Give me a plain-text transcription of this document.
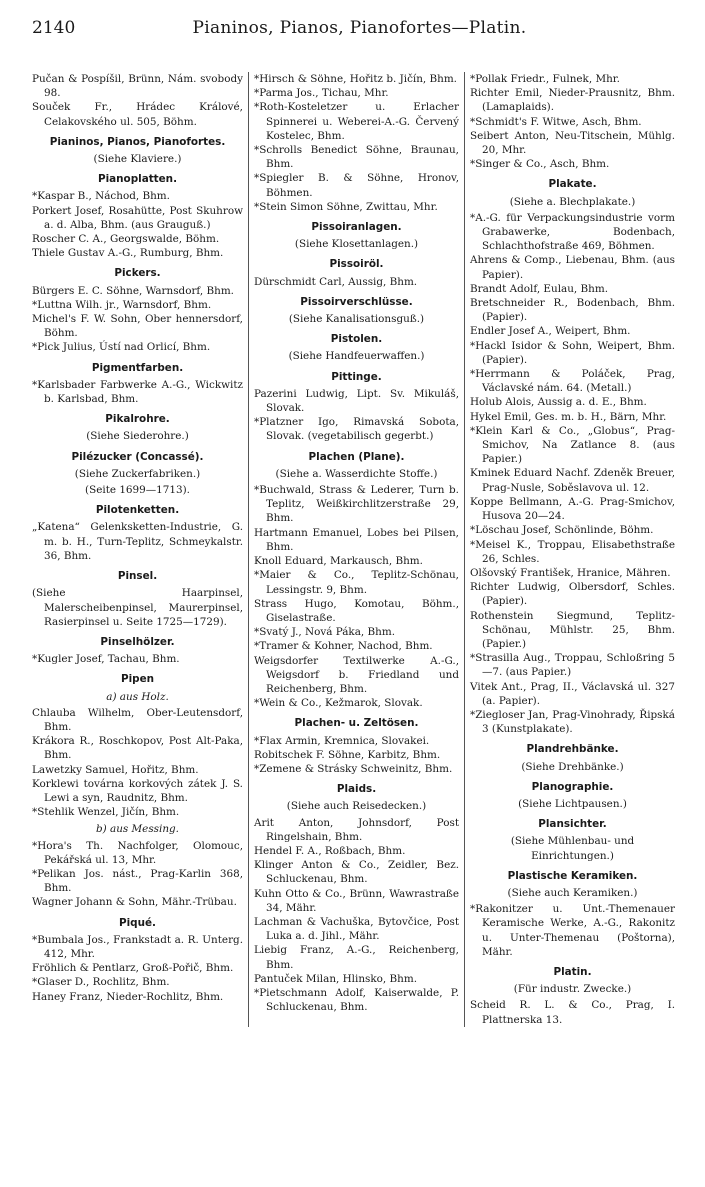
2140	Pianinos, Pianos, Pianofortes—Platin.
Pučan & Pospíšil, Brünn, Nám. svobody 98.
Souček Fr., Hrádec Králové, Celakovského ul. 505, Böhm.
Pianinos, Pianos, Pianofortes.
(Siehe Klaviere.)
Pianoplatten.
*Kaspar B., Náchod, Bhm.
Porkert Josef, Rosahütte, Post Skuhrow a. d. Alba, Bhm. (aus Grauguß.)
Roscher C. A., Georgswalde, Böhm.
Thiele Gustav A.-G., Rumburg, Bhm.
Pickers.
Bürgers E. C. Söhne, Warnsdorf, Bhm.
*Luttna Wilh. jr., Warnsdorf, Bhm.
Michel's F. W. Sohn, Ober hennersdorf, Böhm.
*Pick Julius, Ústí nad Orlicí, Bhm.
Pigmentfarben.
*Karlsbader Farbwerke A.-G., Wickwitz b. Karlsbad, Bhm.
Pikalrohre.
(Siehe Siederohre.)
Pilézucker (Concassé).
(Siehe Zuckerfabriken.)
(Seite 1699—1713).
Pilotenketten.
„Katena“ Gelenksketten-Industrie, G. m. b. H., Turn-Teplitz, Schmeykalstr. 36, Bhm.
Pinsel.
(Siehe Haarpinsel, Malerscheibenpinsel, Maurerpinsel, Rasierpinsel u. Seite 1725—1729).
Pinselhölzer.
*Kugler Josef, Tachau, Bhm.
Pipen
a) aus Holz.
Chlauba Wilhelm, Ober-Leutensdorf, Bhm.
Krákora R., Roschkopov, Post Alt-Paka, Bhm.
Lawetzky Samuel, Hořitz, Bhm.
Korklewi továrna korkových zátek J. S. Lewi a syn, Raudnitz, Bhm.
*Stehlik Wenzel, Jičín, Bhm.
b) aus Messing.
*Hora's Th. Nachfolger, Olomouc, Pekářská ul. 13, Mhr.
*Pelikan Jos. nást., Prag-Karlin 368, Bhm.
Wagner Johann & Sohn, Mähr.-Trübau.
Piqué.
*Bumbala Jos., Frankstadt a. R. Unterg. 412, Mhr.
Fröhlich & Pentlarz, Groß-Pořič, Bhm.
*Glaser D., Rochlitz, Bhm.
Haney Franz, Nieder-Rochlitz, Bhm.
*Hirsch & Söhne, Hořitz b. Jičín, Bhm.
*Parma Jos., Tichau, Mhr.
*Roth-Kosteletzer u. Erlacher Spinnerei u. Weberei-A.-G. Červený Kostelec, Bhm.
*Schrolls Benedict Söhne, Braunau, Bhm.
*Spiegler B. & Söhne, Hronov, Böhmen.
*Stein Simon Söhne, Zwittau, Mhr.
Pissoiranlagen.
(Siehe Klosettanlagen.)
Pissoiröl.
Dürschmidt Carl, Aussig, Bhm.
Pissoirverschlüsse.
(Siehe Kanalisationsguß.)
Pistolen.
(Siehe Handfeuerwaffen.)
Pittinge.
Pazerini Ludwig, Lipt. Sv. Mikuláš, Slovak.
*Platzner Igo, Rimavská Sobota, Slovak. (vegetabilisch gegerbt.)
Plachen (Plane).
(Siehe a. Wasserdichte Stoffe.)
*Buchwald, Strass & Lederer, Turn b. Teplitz, Weißkirchlitzerstraße 29, Bhm.
Hartmann Emanuel, Lobes bei Pilsen, Bhm.
Knoll Eduard, Markausch, Bhm.
*Maier & Co., Teplitz-Schönau, Lessingstr. 9, Bhm.
Strass Hugo, Komotau, Böhm., Giselastraße.
*Svatý J., Nová Páka, Bhm.
*Tramer & Kohner, Nachod, Bhm.
Weigsdorfer Textilwerke A.-G., Weigsdorf b. Friedland und Reichenberg, Bhm.
*Wein & Co., Kežmarok, Slovak.
Plachen- u. Zeltösen.
*Flax Armin, Kremnica, Slovakei.
Robitschek F. Söhne, Karbitz, Bhm.
*Zemene & Strásky Schweinitz, Bhm.
Plaids.
(Siehe auch Reisedecken.)
Arit Anton, Johnsdorf, Post Ringelshain, Bhm.
Hendel F. A., Roßbach, Bhm.
Klinger Anton & Co., Zeidler, Bez. Schluckenau, Bhm.
Kuhn Otto & Co., Brünn, Wawrastraße 34, Mähr.
Lachman & Vachuška, Bytovčice, Post Luka a. d. Jihl., Mähr.
Liebig Franz, A.-G., Reichenberg, Bhm.
Pantuček Milan, Hlinsko, Bhm.
*Pietschmann Adolf, Kaiserwalde, P. Schluckenau, Bhm.
*Pollak Friedr., Fulnek, Mhr.
Richter Emil, Nieder-Prausnitz, Bhm. (Lamaplaids).
*Schmidt's F. Witwe, Asch, Bhm.
Seibert Anton, Neu-Titschein, Mühlg. 20, Mhr.
*Singer & Co., Asch, Bhm.
Plakate.
(Siehe a. Blechplakate.)
*A.-G. für Verpackungsindustrie vorm Grabawerke, Bodenbach, Schlachthofstraße 469, Böhmen.
Ahrens & Comp., Liebenau, Bhm. (aus Papier).
Brandt Adolf, Eulau, Bhm.
Bretschneider R., Bodenbach, Bhm. (Papier).
Endler Josef A., Weipert, Bhm.
*Hackl Isidor & Sohn, Weipert, Bhm. (Papier).
*Herrmann & Poláček, Prag, Václavské nám. 64. (Metall.)
Holub Alois, Aussig a. d. E., Bhm.
Hykel Emil, Ges. m. b. H., Bärn, Mhr.
*Klein Karl & Co., „Globus“, Prag-Smichov, Na Zatlance 8. (aus Papier.)
Kminek Eduard Nachf. Zdeněk Breuer, Prag-Nusle, Soběslavova ul. 12.
Koppe Bellmann, A.-G. Prag-Smichov, Husova 20—24.
*Löschau Josef, Schönlinde, Böhm.
*Meisel K., Troppau, Elisabethstraße 26, Schles.
Olšovský František, Hranice, Mähren.
Richter Ludwig, Olbersdorf, Schles. (Papier).
Rothenstein Siegmund, Teplitz-Schönau, Mühlstr. 25, Bhm. (Papier.)
*Strasilla Aug., Troppau, Schloßring 5—7. (aus Papier.)
Vitek Ant., Prag, II., Václavská ul. 327 (a. Papier).
*Ziegloser Jan, Prag-Vinohrady, Řipská 3 (Kunstplakate).
Plandrehbänke.
(Siehe Drehbänke.)
Planographie.
(Siehe Lichtpausen.)
Plansichter.
(Siehe Mühlenbau- und Einrichtungen.)
Plastische Keramiken.
(Siehe auch Keramiken.)
*Rakonitzer u. Unt.-Themenauer Keramische Werke, A.-G., Rakonitz u. Unter-Themenau (Poštorna), Mähr.
Platin.
(Für industr. Zwecke.)
Scheid R. L. & Co., Prag, I. Plattnerska 13.
